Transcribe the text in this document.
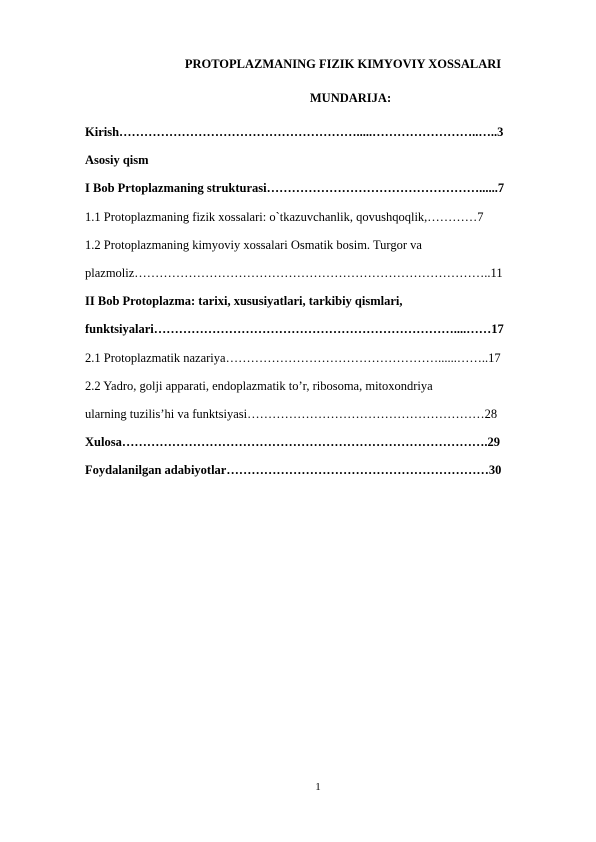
PROTOPLAZMANING FIZIK KIMYOVIY XOSSALARI
MUNDARIJA:
Kirish………………………………………………….....……………………..…..3
Asosiy qism
I Bob Prtoplazmaning strukturasi……………………………………………......7
1.1 Protoplazmaning fizik xossalari: o`tkazuvchanlik, qovushqoqlik,…………7
1.2 Protoplazmaning kimyoviy xossalari Osmatik bosim. Turgor va
plazmoliz…………………………………………………………………………..11
II Bob Protoplazma: tarixi, xususiyatlari, tarkibiy qismlari,
funktsiyalari………………………………………………………………....……17
2.1 Protoplazmatik nazariya……………………………………………......……..17
2.2 Yadro, golji apparati, endoplazmatik to’r, ribosoma, mitoxondriya
ularning tuzilis’hi va funktsiyasi…………………………………………………28
Xulosa…………………………………………………………………………….29
Foydalanilgan adabiyotlar………………………………………………………30
1
